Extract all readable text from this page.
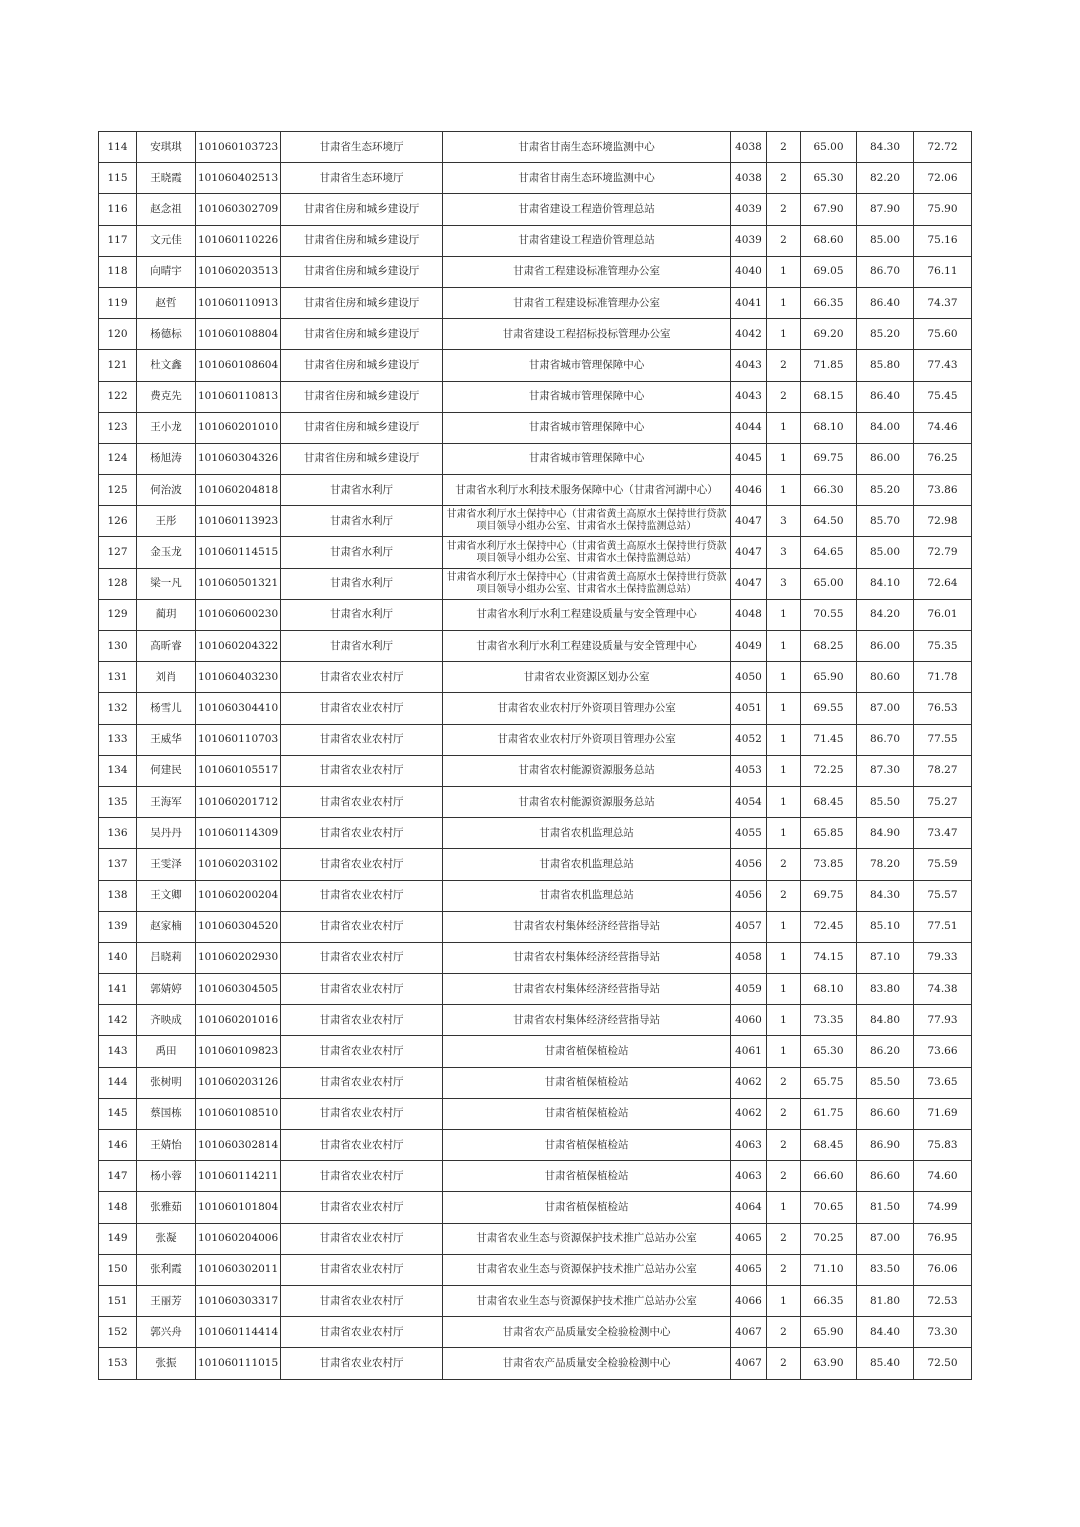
114	安琪琪	101060103723	甘肃省生态环境厅	甘肃省甘南生态环境监测中心	4038	2	65.00	84.30	72.72
115	王晓霞	101060402513	甘肃省生态环境厅	甘肃省甘南生态环境监测中心	4038	2	65.30	82.20	72.06
116	赵念祖	101060302709	甘肃省住房和城乡建设厅	甘肃省建设工程造价管理总站	4039	2	67.90	87.90	75.90
117	文元佳	101060110226	甘肃省住房和城乡建设厅	甘肃省建设工程造价管理总站	4039	2	68.60	85.00	75.16
118	向晴宇	101060203513	甘肃省住房和城乡建设厅	甘肃省工程建设标准管理办公室	4040	1	69.05	86.70	76.11
119	赵哲	101060110913	甘肃省住房和城乡建设厅	甘肃省工程建设标准管理办公室	4041	1	66.35	86.40	74.37
120	杨德标	101060108804	甘肃省住房和城乡建设厅	甘肃省建设工程招标投标管理办公室	4042	1	69.20	85.20	75.60
121	杜文鑫	101060108604	甘肃省住房和城乡建设厅	甘肃省城市管理保障中心	4043	2	71.85	85.80	77.43
122	费克先	101060110813	甘肃省住房和城乡建设厅	甘肃省城市管理保障中心	4043	2	68.15	86.40	75.45
123	王小龙	101060201010	甘肃省住房和城乡建设厅	甘肃省城市管理保障中心	4044	1	68.10	84.00	74.46
124	杨旭涛	101060304326	甘肃省住房和城乡建设厅	甘肃省城市管理保障中心	4045	1	69.75	86.00	76.25
125	何治波	101060204818	甘肃省水利厅	甘肃省水利厅水利技术服务保障中心（甘肃省河湖中心）	4046	1	66.30	85.20	73.86
126	王彤	101060113923	甘肃省水利厅	甘肃省水利厅水土保持中心（甘肃省黄土高原水土保持世行贷款项目领导小组办公室、甘肃省水土保持监测总站）	4047	3	64.50	85.70	72.98
127	金玉龙	101060114515	甘肃省水利厅	甘肃省水利厅水土保持中心（甘肃省黄土高原水土保持世行贷款项目领导小组办公室、甘肃省水土保持监测总站）	4047	3	64.65	85.00	72.79
128	梁一凡	101060501321	甘肃省水利厅	甘肃省水利厅水土保持中心（甘肃省黄土高原水土保持世行贷款项目领导小组办公室、甘肃省水土保持监测总站）	4047	3	65.00	84.10	72.64
129	蔺玥	101060600230	甘肃省水利厅	甘肃省水利厅水利工程建设质量与安全管理中心	4048	1	70.55	84.20	76.01
130	高昕睿	101060204322	甘肃省水利厅	甘肃省水利厅水利工程建设质量与安全管理中心	4049	1	68.25	86.00	75.35
131	刘肖	101060403230	甘肃省农业农村厅	甘肃省农业资源区划办公室	4050	1	65.90	80.60	71.78
132	杨雪儿	101060304410	甘肃省农业农村厅	甘肃省农业农村厅外资项目管理办公室	4051	1	69.55	87.00	76.53
133	王威华	101060110703	甘肃省农业农村厅	甘肃省农业农村厅外资项目管理办公室	4052	1	71.45	86.70	77.55
134	何建民	101060105517	甘肃省农业农村厅	甘肃省农村能源资源服务总站	4053	1	72.25	87.30	78.27
135	王海军	101060201712	甘肃省农业农村厅	甘肃省农村能源资源服务总站	4054	1	68.45	85.50	75.27
136	吴丹丹	101060114309	甘肃省农业农村厅	甘肃省农机监理总站	4055	1	65.85	84.90	73.47
137	王雯泽	101060203102	甘肃省农业农村厅	甘肃省农机监理总站	4056	2	73.85	78.20	75.59
138	王文卿	101060200204	甘肃省农业农村厅	甘肃省农机监理总站	4056	2	69.75	84.30	75.57
139	赵家楠	101060304520	甘肃省农业农村厅	甘肃省农村集体经济经营指导站	4057	1	72.45	85.10	77.51
140	吕晓莉	101060202930	甘肃省农业农村厅	甘肃省农村集体经济经营指导站	4058	1	74.15	87.10	79.33
141	郭婧婷	101060304505	甘肃省农业农村厅	甘肃省农村集体经济经营指导站	4059	1	68.10	83.80	74.38
142	齐映成	101060201016	甘肃省农业农村厅	甘肃省农村集体经济经营指导站	4060	1	73.35	84.80	77.93
143	禹田	101060109823	甘肃省农业农村厅	甘肃省植保植检站	4061	1	65.30	86.20	73.66
144	张树明	101060203126	甘肃省农业农村厅	甘肃省植保植检站	4062	2	65.75	85.50	73.65
145	蔡国栋	101060108510	甘肃省农业农村厅	甘肃省植保植检站	4062	2	61.75	86.60	71.69
146	王婧怡	101060302814	甘肃省农业农村厅	甘肃省植保植检站	4063	2	68.45	86.90	75.83
147	杨小蓉	101060114211	甘肃省农业农村厅	甘肃省植保植检站	4063	2	66.60	86.60	74.60
148	张雅茹	101060101804	甘肃省农业农村厅	甘肃省植保植检站	4064	1	70.65	81.50	74.99
149	张凝	101060204006	甘肃省农业农村厅	甘肃省农业生态与资源保护技术推广总站办公室	4065	2	70.25	87.00	76.95
150	张利霞	101060302011	甘肃省农业农村厅	甘肃省农业生态与资源保护技术推广总站办公室	4065	2	71.10	83.50	76.06
151	王丽芳	101060303317	甘肃省农业农村厅	甘肃省农业生态与资源保护技术推广总站办公室	4066	1	66.35	81.80	72.53
152	郭兴舟	101060114414	甘肃省农业农村厅	甘肃省农产品质量安全检验检测中心	4067	2	65.90	84.40	73.30
153	张振	101060111015	甘肃省农业农村厅	甘肃省农产品质量安全检验检测中心	4067	2	63.90	85.40	72.50
